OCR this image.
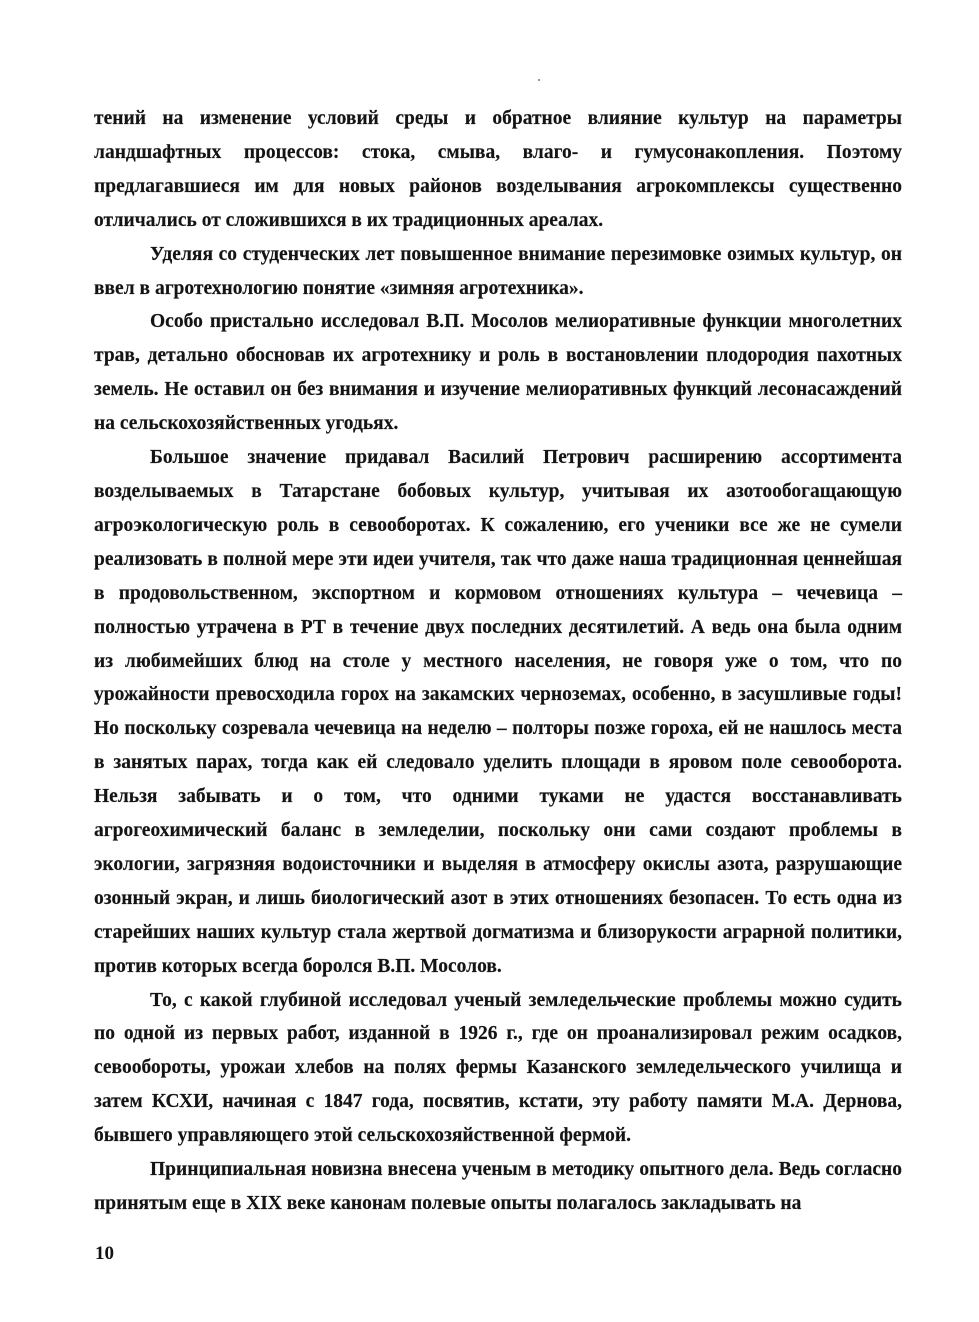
тений на изменение условий среды и обратное влияние культур на параметры ландшафтных процессов: стока, смыва, влаго- и гумусонакопления. Поэтому предлагавшиеся им для новых районов возделывания агрокомплексы существенно отличались от сложившихся в их традиционных ареалах.

Уделяя со студенческих лет повышенное внимание перезимовке озимых культур, он ввел в агротехнологию понятие «зимняя агротехника».

Особо пристально исследовал В.П. Мосолов мелиоративные функции многолетних трав, детально обосновав их агротехнику и роль в востановлении плодородия пахотных земель. Не оставил он без внимания и изучение мелиоративных функций лесонасаждений на сельскохозяйственных угодьях.

Большое значение придавал Василий Петрович расширению ассортимента возделываемых в Татарстане бобовых культур, учитывая их азотообогащающую агроэкологическую роль в севооборотах. К сожалению, его ученики все же не сумели реализовать в полной мере эти идеи учителя, так что даже наша традиционная ценнейшая в продовольственном, экспортном и кормовом отношениях культура – чечевица – полностью утрачена в РТ в течение двух последних десятилетий. А ведь она была одним из любимейших блюд на столе у местного населения, не говоря уже о том, что по урожайности превосходила горох на закамских черноземах, особенно, в засушливые годы! Но поскольку созревала чечевица на неделю – полторы позже гороха, ей не нашлось места в занятых парах, тогда как ей следовало уделить площади в яровом поле севооборота. Нельзя забывать и о том, что одними туками не удастся восстанавливать агрогеохимический баланс в земледелии, поскольку они сами создают проблемы в экологии, загрязняя водоисточники и выделяя в атмосферу окислы азота, разрушающие озонный экран, и лишь биологический азот в этих отношениях безопасен. То есть одна из старейших наших культур стала жертвой догматизма и близорукости аграрной политики, против которых всегда боролся В.П. Мосолов.

То, с какой глубиной исследовал ученый земледельческие проблемы можно судить по одной из первых работ, изданной в 1926 г., где он проанализировал режим осадков, севообороты, урожаи хлебов на полях фермы Казанского земледельческого училища и затем КСХИ, начиная с 1847 года, посвятив, кстати, эту работу памяти М.А. Дернова, бывшего управляющего этой сельскохозяйственной фермой.

Принципиальная новизна внесена ученым в методику опытного дела. Ведь согласно принятым еще в XIX веке канонам полевые опыты полагалось закладывать на

10
